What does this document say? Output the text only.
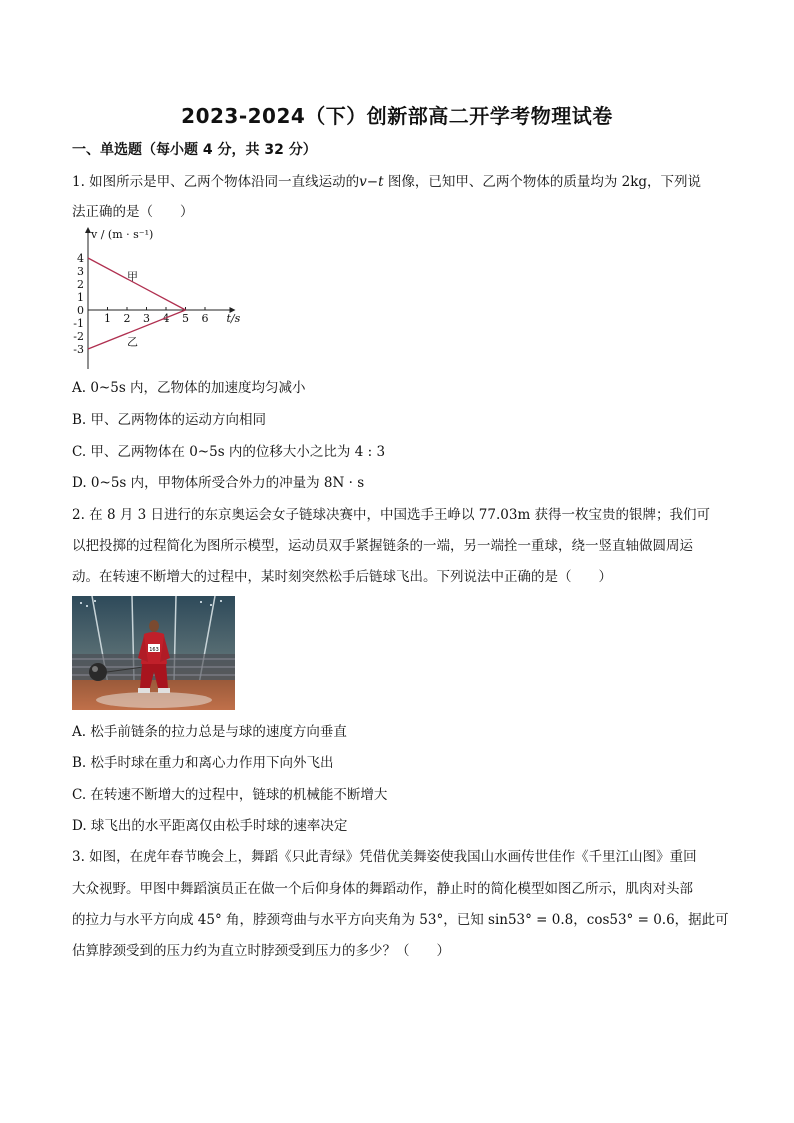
2023-2024（下）创新部高二开学考物理试卷
一、单选题（每小题 4 分，共 32 分）
1. 如图所示是甲、乙两个物体沿同一直线运动的v−t 图像，已知甲、乙两个物体的质量均为 2kg，下列说
法正确的是（　　）
v / (m · s⁻¹)
t/s
1 2 3 4 5 6
4
3
2
1
0
-1
-2
-3
甲
乙
A. 0~5s 内，乙物体的加速度均匀减小
B. 甲、乙两物体的运动方向相同
C. 甲、乙两物体在 0~5s 内的位移大小之比为 4 : 3
D. 0~5s 内，甲物体所受合外力的冲量为 8N · s
2. 在 8 月 3 日进行的东京奥运会女子链球决赛中，中国选手王峥以 77.03m 获得一枚宝贵的银牌；我们可
以把投掷的过程简化为图所示模型，运动员双手紧握链条的一端，另一端拴一重球，绕一竖直轴做圆周运
动。在转速不断增大的过程中，某时刻突然松手后链球飞出。下列说法中正确的是（　　）
163
A. 松手前链条的拉力总是与球的速度方向垂直
B. 松手时球在重力和离心力作用下向外飞出
C. 在转速不断增大的过程中，链球的机械能不断增大
D. 球飞出的水平距离仅由松手时球的速率决定
3. 如图，在虎年春节晚会上，舞蹈《只此青绿》凭借优美舞姿使我国山水画传世佳作《千里江山图》重回
大众视野。甲图中舞蹈演员正在做一个后仰身体的舞蹈动作，静止时的简化模型如图乙所示，肌肉对头部
的拉力与水平方向成 45° 角，脖颈弯曲与水平方向夹角为 53°，已知 sin53° = 0.8，cos53° = 0.6，据此可
估算脖颈受到的压力约为直立时脖颈受到压力的多少？（　　）
